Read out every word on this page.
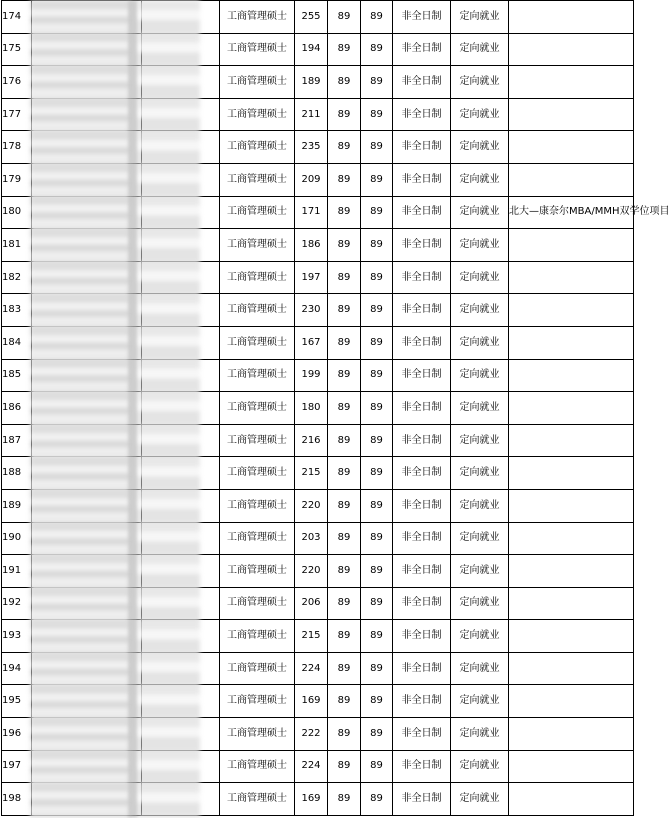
174			工商管理硕士	255	89	89	非全日制	定向就业	
175			工商管理硕士	194	89	89	非全日制	定向就业	
176			工商管理硕士	189	89	89	非全日制	定向就业	
177			工商管理硕士	211	89	89	非全日制	定向就业	
178			工商管理硕士	235	89	89	非全日制	定向就业	
179			工商管理硕士	209	89	89	非全日制	定向就业	
180			工商管理硕士	171	89	89	非全日制	定向就业	北大—康奈尔MBA/MMH双学位项目
181			工商管理硕士	186	89	89	非全日制	定向就业	
182			工商管理硕士	197	89	89	非全日制	定向就业	
183			工商管理硕士	230	89	89	非全日制	定向就业	
184			工商管理硕士	167	89	89	非全日制	定向就业	
185			工商管理硕士	199	89	89	非全日制	定向就业	
186			工商管理硕士	180	89	89	非全日制	定向就业	
187			工商管理硕士	216	89	89	非全日制	定向就业	
188			工商管理硕士	215	89	89	非全日制	定向就业	
189			工商管理硕士	220	89	89	非全日制	定向就业	
190			工商管理硕士	203	89	89	非全日制	定向就业	
191			工商管理硕士	220	89	89	非全日制	定向就业	
192			工商管理硕士	206	89	89	非全日制	定向就业	
193			工商管理硕士	215	89	89	非全日制	定向就业	
194			工商管理硕士	224	89	89	非全日制	定向就业	
195			工商管理硕士	169	89	89	非全日制	定向就业	
196			工商管理硕士	222	89	89	非全日制	定向就业	
197			工商管理硕士	224	89	89	非全日制	定向就业	
198			工商管理硕士	169	89	89	非全日制	定向就业	
